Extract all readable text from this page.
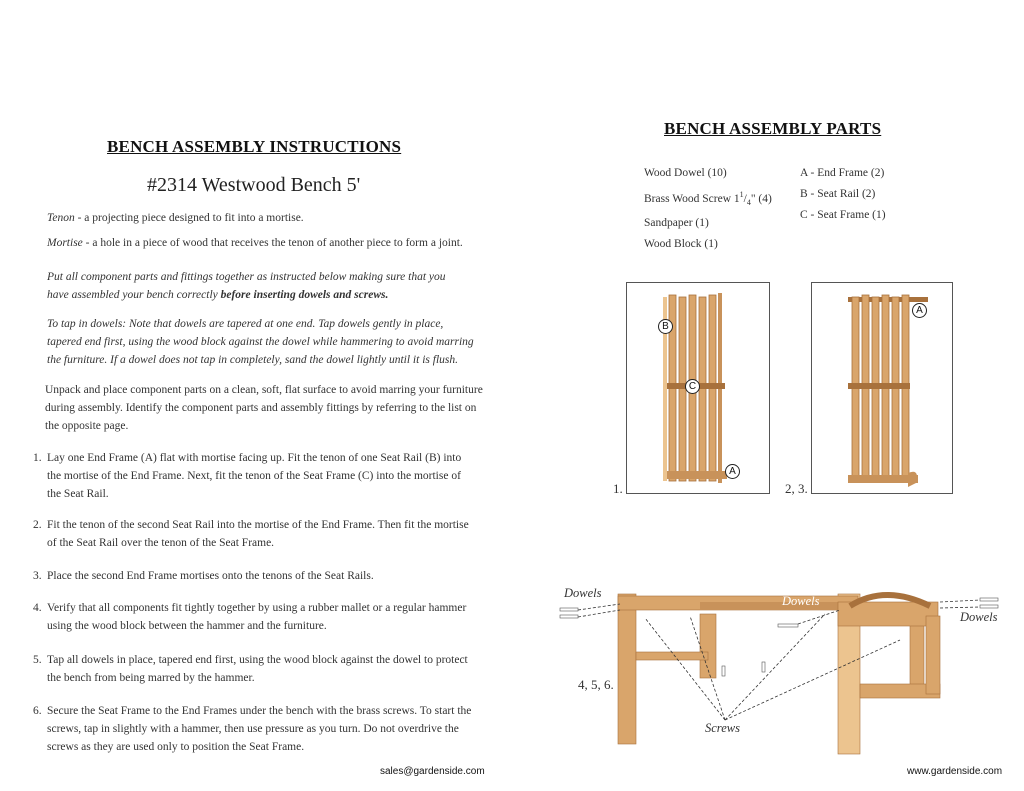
BENCH ASSEMBLY INSTRUCTIONS
#2314 Westwood Bench 5'
Tenon - a projecting piece designed to fit into a mortise.
Mortise - a hole in a piece of wood that receives the tenon of another piece to form a joint.
Put all component parts and fittings together as instructed below making sure that you have assembled your bench correctly before inserting dowels and screws.
To tap in dowels: Note that dowels are tapered at one end. Tap dowels gently in place, tapered end first, using the wood block against the dowel while hammering to avoid marring the furniture. If a dowel does not tap in completely, sand the dowel lightly until it is flush.
Unpack and place component parts on a clean, soft, flat surface to avoid marring your furniture during assembly. Identify the component parts and assembly fittings by referring to the list on the opposite page.
1. Lay one End Frame (A) flat with mortise facing up. Fit the tenon of one Seat Rail (B) into the mortise of the End Frame. Next, fit the tenon of the Seat Frame (C) into the mortise of the Seat Rail.
2. Fit the tenon of the second Seat Rail into the mortise of the End Frame. Then fit the mortise of the Seat Rail over the tenon of the Seat Frame.
3. Place the second End Frame mortises onto the tenons of the Seat Rails.
4. Verify that all components fit tightly together by using a rubber mallet or a regular hammer using the wood block between the hammer and the furniture.
5. Tap all dowels in place, tapered end first, using the wood block against the dowel to protect the bench from being marred by the hammer.
6. Secure the Seat Frame to the End Frames under the bench with the brass screws. To start the screws, tap in slightly with a hammer, then use pressure as you turn. Do not overdrive the screws as they are used only to position the Seat Frame.
BENCH ASSEMBLY PARTS
Wood Dowel (10)
Brass Wood Screw $1^1/_4$" (4)
Sandpaper (1)
Wood Block (1)
A - End Frame (2)
B - Seat Rail (2)
C - Seat Frame (1)
B
C
A
1.
A
2, 3.
Dowels
Dowels
Dowels
Screws
4, 5, 6.
sales@gardenside.com	www.gardenside.com
